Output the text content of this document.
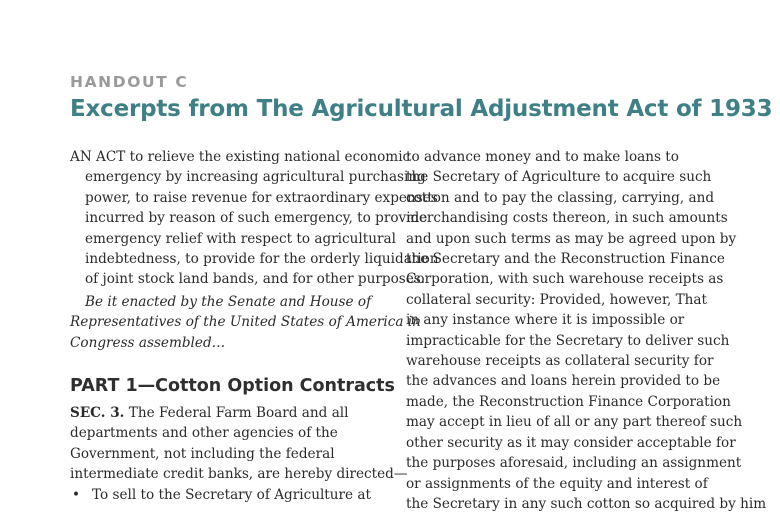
HANDOUT C
Excerpts from The Agricultural Adjustment Act of 1933
AN ACT to relieve the existing national economic
emergency by increasing agricultural purchasing
power, to raise revenue for extraordinary expenses
incurred by reason of such emergency, to provide
emergency relief with respect to agricultural
indebtedness, to provide for the orderly liquidation
of joint stock land bands, and for other purposes.
Be it enacted by the Senate and House of
Representatives of the United States of America in
Congress assembled…
PART 1—Cotton Option Contracts
SEC. 3. The Federal Farm Board and all
departments and other agencies of the
Government, not including the federal
intermediate credit banks, are hereby directed—
• To sell to the Secretary of Agriculture at
to advance money and to make loans to
the Secretary of Agriculture to acquire such
cotton and to pay the classing, carrying, and
merchandising costs thereon, in such amounts
and upon such terms as may be agreed upon by
the Secretary and the Reconstruction Finance
Corporation, with such warehouse receipts as
collateral security: Provided, however, That
in any instance where it is impossible or
impracticable for the Secretary to deliver such
warehouse receipts as collateral security for
the advances and loans herein provided to be
made, the Reconstruction Finance Corporation
may accept in lieu of all or any part thereof such
other security as it may consider acceptable for
the purposes aforesaid, including an assignment
or assignments of the equity and interest of
the Secretary in any such cotton so acquired by him
